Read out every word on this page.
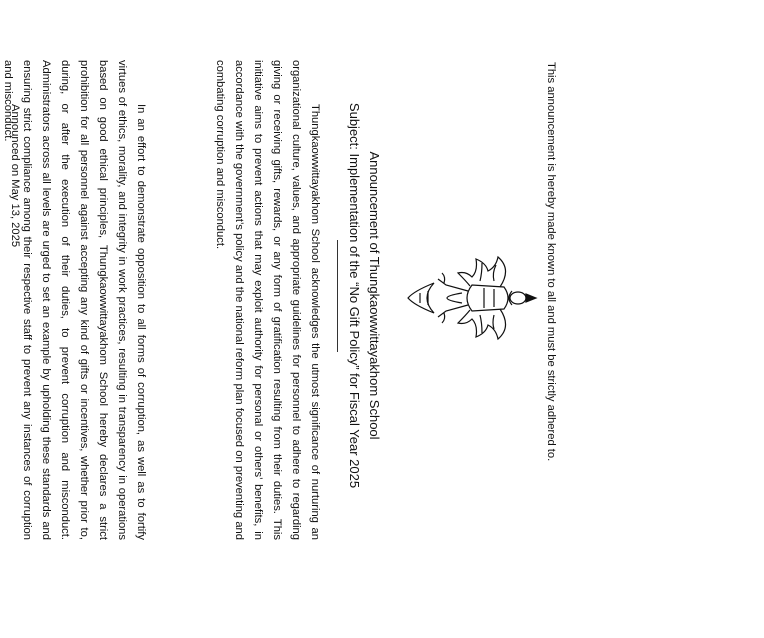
Announcement of Thungkaowwittayakhom School
Subject: Implementation of the “No Gift Policy” for Fiscal Year 2025

Thungkaowwittayakhom School acknowledges the utmost significance of nurturing an organizational culture, values, and appropriate guidelines for personnel to adhere to regarding giving or receiving gifts, rewards, or any form of gratification resulting from their duties. This initiative aims to prevent actions that may exploit authority for personal or others’ benefits, in accordance with the government’s policy and the national reform plan focused on preventing and combating corruption and misconduct.

In an effort to demonstrate opposition to all forms of corruption, as well as to fortify virtues of ethics, morality, and integrity in work practices, resulting in transparency in operations based on good ethical principles, Thungkaowwittayakhom School hereby declares a strict prohibition for all personnel against accepting any kind of gifts or incentives, whether prior to, during, or after the execution of their duties, to prevent corruption and misconduct. Administrators across all levels are urged to set an example by upholding these standards and ensuring strict compliance among their respective staff to prevent any instances of corruption and misconduct.	This announcement is hereby made known to all and must be strictly adhered to.
Announced on May 13, 2025
